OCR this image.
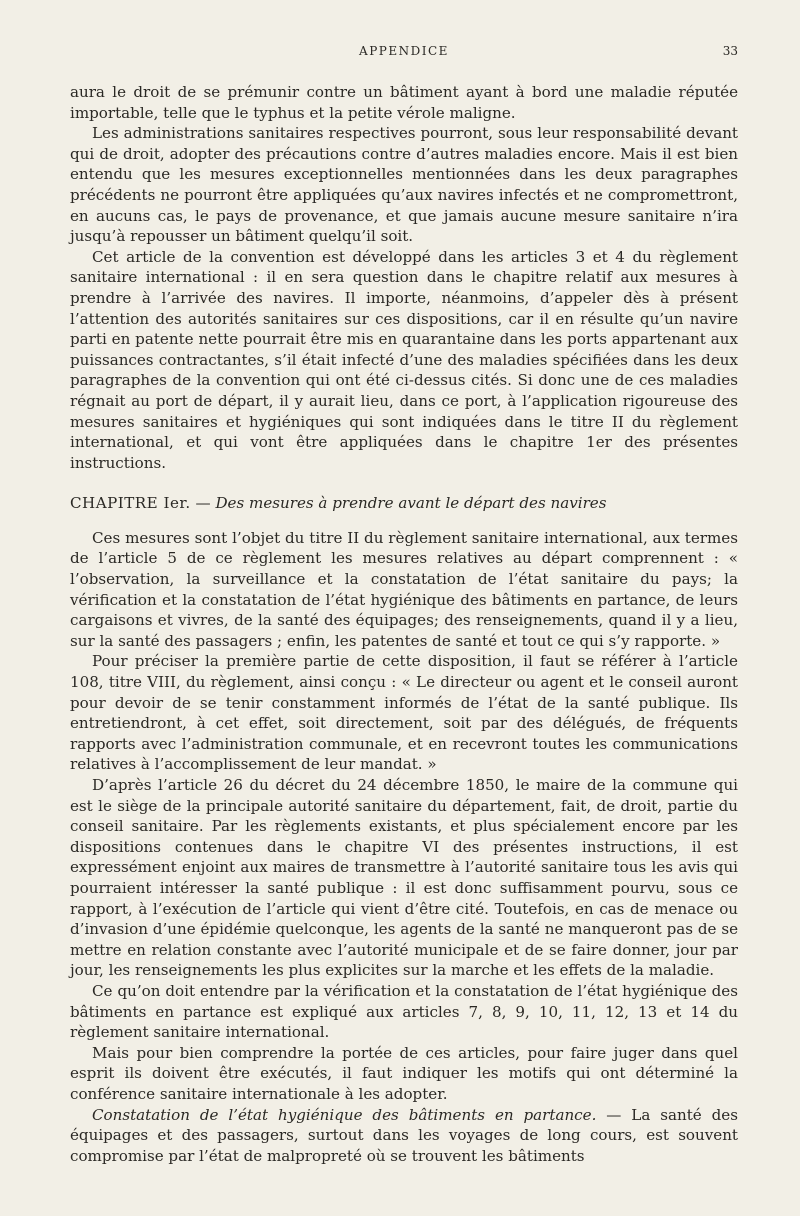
APPENDICE	33

aura le droit de se prémunir contre un bâtiment ayant à bord une maladie réputée importable, telle que le typhus et la petite vérole maligne.

Les administrations sanitaires respectives pourront, sous leur responsabilité devant qui de droit, adopter des précautions contre d’autres maladies encore. Mais il est bien entendu que les mesures exceptionnelles mentionnées dans les deux paragraphes précédents ne pourront être appliquées qu’aux navires infectés et ne compromettront, en aucuns cas, le pays de provenance, et que jamais aucune mesure sanitaire n’ira jusqu’à repousser un bâtiment quelqu’il soit.

Cet article de la convention est développé dans les articles 3 et 4 du règlement sanitaire international : il en sera question dans le chapitre relatif aux mesures à prendre à l’arrivée des navires. Il importe, néanmoins, d’appeler dès à présent l’attention des autorités sanitaires sur ces dispositions, car il en résulte qu’un navire parti en patente nette pourrait être mis en quarantaine dans les ports appartenant aux puissances contractantes, s’il était infecté d’une des maladies spécifiées dans les deux paragraphes de la convention qui ont été ci-dessus cités. Si donc une de ces maladies régnait au port de départ, il y aurait lieu, dans ce port, à l’application rigoureuse des mesures sanitaires et hygiéniques qui sont indiquées dans le titre II du règlement international, et qui vont être appliquées dans le chapitre 1er des présentes instructions.

CHAPITRE Ier. — Des mesures à prendre avant le départ des navires

Ces mesures sont l’objet du titre II du règlement sanitaire international, aux termes de l’article 5 de ce règlement les mesures relatives au départ comprennent : « l’observation, la surveillance et la constatation de l’état sanitaire du pays; la vérification et la constatation de l’état hygiénique des bâtiments en partance, de leurs cargaisons et vivres, de la santé des équipages; des renseignements, quand il y a lieu, sur la santé des passagers ; enfin, les patentes de santé et tout ce qui s’y rapporte. »

Pour préciser la première partie de cette disposition, il faut se référer à l’article 108, titre VIII, du règlement, ainsi conçu : « Le directeur ou agent et le conseil auront pour devoir de se tenir constamment informés de l’état de la santé publique. Ils entretiendront, à cet effet, soit directement, soit par des délégués, de fréquents rapports avec l’administration communale, et en recevront toutes les communications relatives à l’accomplissement de leur mandat. »

D’après l’article 26 du décret du 24 décembre 1850, le maire de la commune qui est le siège de la principale autorité sanitaire du département, fait, de droit, partie du conseil sanitaire. Par les règlements existants, et plus spécialement encore par les dispositions contenues dans le chapitre VI des présentes instructions, il est expressément enjoint aux maires de transmettre à l’autorité sanitaire tous les avis qui pourraient intéresser la santé publique : il est donc suffisamment pourvu, sous ce rapport, à l’exécution de l’article qui vient d’être cité. Toutefois, en cas de menace ou d’invasion d’une épidémie quelconque, les agents de la santé ne manqueront pas de se mettre en relation constante avec l’autorité municipale et de se faire donner, jour par jour, les renseignements les plus explicites sur la marche et les effets de la maladie.

Ce qu’on doit entendre par la vérification et la constatation de l’état hygiénique des bâtiments en partance est expliqué aux articles 7, 8, 9, 10, 11, 12, 13 et 14 du règlement sanitaire international.

Mais pour bien comprendre la portée de ces articles, pour faire juger dans quel esprit ils doivent être exécutés, il faut indiquer les motifs qui ont déterminé la conférence sanitaire internationale à les adopter.

Constatation de l’état hygiénique des bâtiments en partance. — La santé des équipages et des passagers, surtout dans les voyages de long cours, est souvent compromise par l’état de malpropreté où se trouvent les bâtiments
